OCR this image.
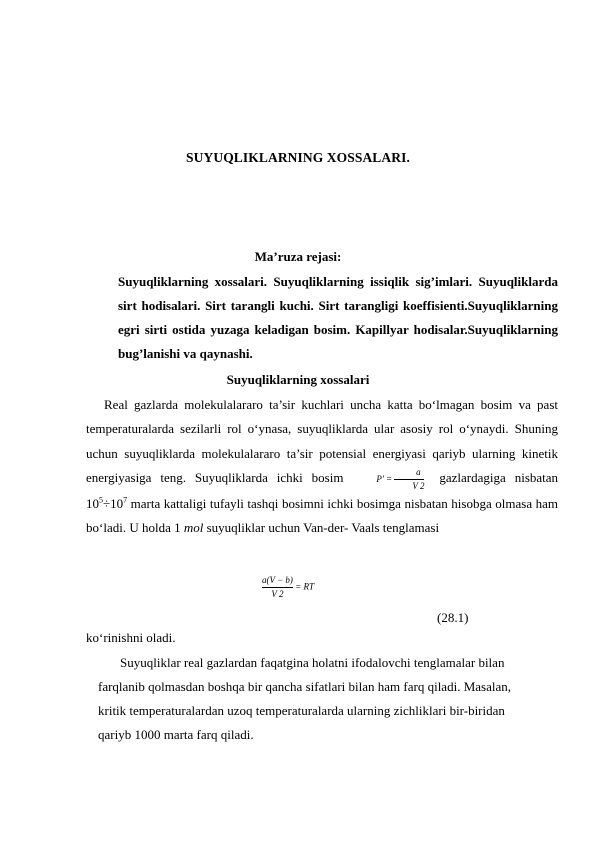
SUYUQLIKLARNING XOSSALARI.
Ma’ruza rejasi:
Suyuqliklarning xossalari. Suyuqliklarning issiqlik sig’imlari. Suyuqliklarda sirt hodisalari. Sirt tarangli kuchi. Sirt tarangligi koeffisienti.Suyuqliklarning egri sirti ostida yuzaga keladigan bosim. Kapillyar hodisalar.Suyuqliklarning bug’lanishi va qaynashi.
Suyuqliklarning xossalari

Real gazlarda molekulalararo ta’sir kuchlari uncha katta bo‘lmagan bosim va past temperaturalarda sezilarli rol o‘ynasa, suyuqliklarda ular asosiy rol o‘ynaydi. Shuning uchun suyuqliklarda molekulalararo ta’sir potensial energiyasi qariyb ularning kinetik energiyasiga teng. Suyuqliklarda ichki bosim	$P' = \frac{a}{V 2}$ gazlardagiga nisbatan $10^5\div 10^7$ marta kattaligi tufayli tashqi bosimni ichki bosimga nisbatan hisobga olmasa ham bo‘ladi. U holda 1 mol suyuqliklar uchun Van-der- Vaals tenglamasi

$\frac{a(V - b)}{V 2}$ = RT
(28.1)
ko‘rinishni oladi.
Suyuqliklar real gazlardan faqatgina holatni ifodalovchi tenglamalar bilan
farqlanib qolmasdan boshqa bir qancha sifatlari bilan ham farq qiladi. Masalan,
kritik temperaturalardan uzoq temperaturalarda ularning zichliklari bir-biridan
qariyb 1000 marta farq qiladi.
